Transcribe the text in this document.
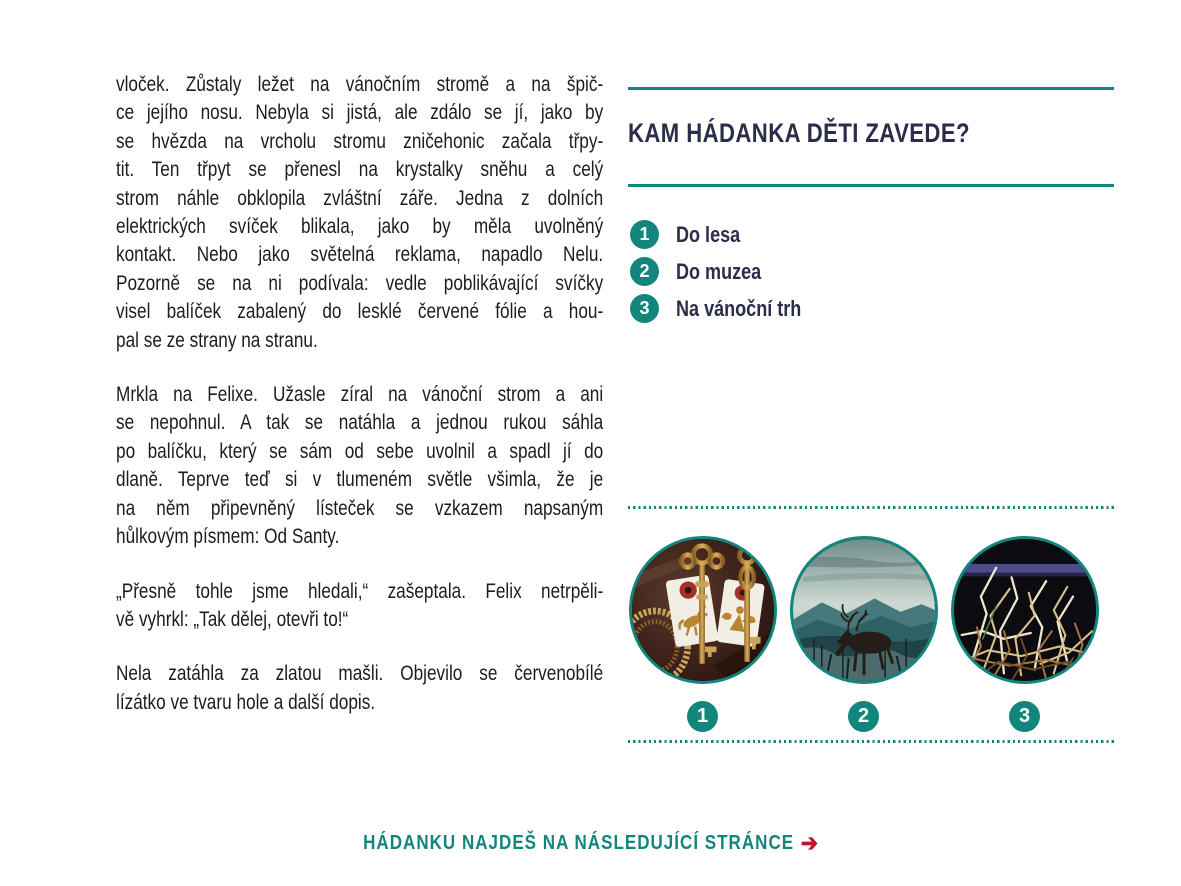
vloček. Zůstaly ležet na vánočním stromě a na špič-
ce jejího nosu. Nebyla si jistá, ale zdálo se jí, jako by
se hvězda na vrcholu stromu zničehonic začala třpy-
tit. Ten třpyt se přenesl na krystalky sněhu a celý
strom náhle obklopila zvláštní záře. Jedna z dolních
elektrických svíček blikala, jako by měla uvolněný
kontakt. Nebo jako světelná reklama, napadlo Nelu.
Pozorně se na ni podívala: vedle poblikávající svíčky
visel balíček zabalený do lesklé červené fólie a hou-
pal se ze strany na stranu.
Mrkla na Felixe. Užasle zíral na vánoční strom a ani
se nepohnul. A tak se natáhla a jednou rukou sáhla
po balíčku, který se sám od sebe uvolnil a spadl jí do
dlaně. Teprve teď si v tlumeném světle všimla, že je
na něm připevněný lísteček se vzkazem napsaným
hůlkovým písmem: Od Santy.
„Přesně tohle jsme hledali,“ zašeptala. Felix netrpěli-
vě vyhrkl: „Tak dělej, otevři to!“
Nela zatáhla za zlatou mašli. Objevilo se červenobílé
lízátko ve tvaru hole a další dopis.
KAM HÁDANKA DĚTI ZAVEDE?
1	Do lesa
2	Do muzea
3	Na vánoční trh
1	2	3
HÁDANKU NAJDEŠ NA NÁSLEDUJÍCÍ STRÁNCE ➔
